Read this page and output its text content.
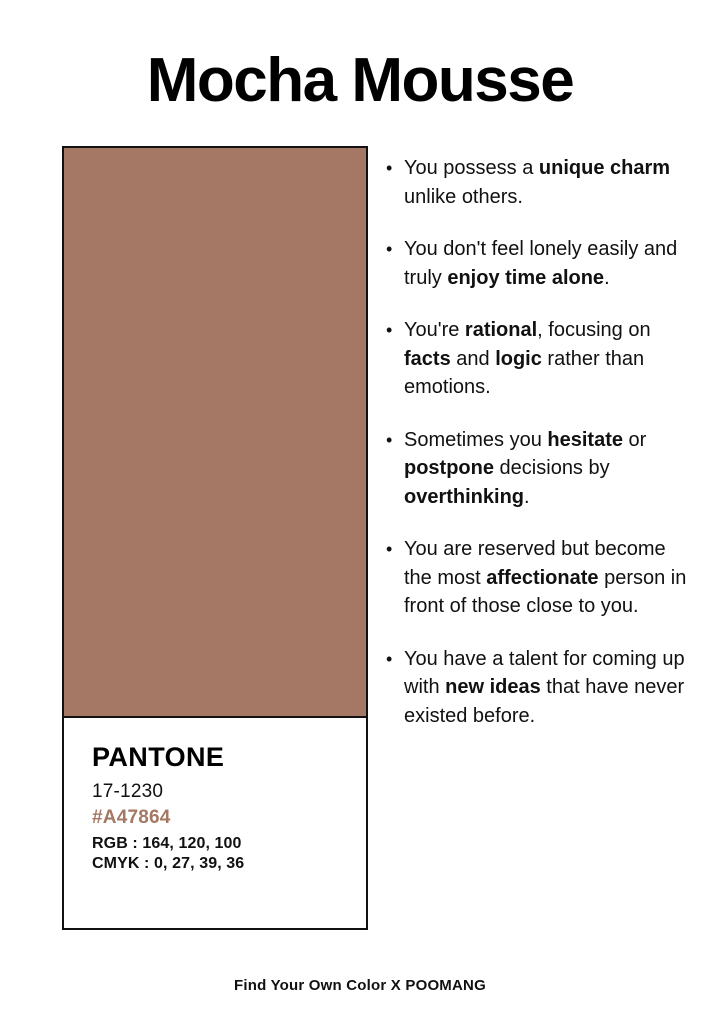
Mocha Mousse
PANTONE
17-1230
#A47864
RGB : 164, 120, 100
CMYK : 0, 27, 39, 36
• You possess a unique charm unlike others.
• You don't feel lonely easily and truly enjoy time alone.
• You're rational, focusing on facts and logic rather than emotions.
• Sometimes you hesitate or postpone decisions by overthinking.
• You are reserved but become the most affectionate person in front of those close to you.
• You have a talent for coming up with new ideas that have never existed before.
Find Your Own Color X POOMANG
